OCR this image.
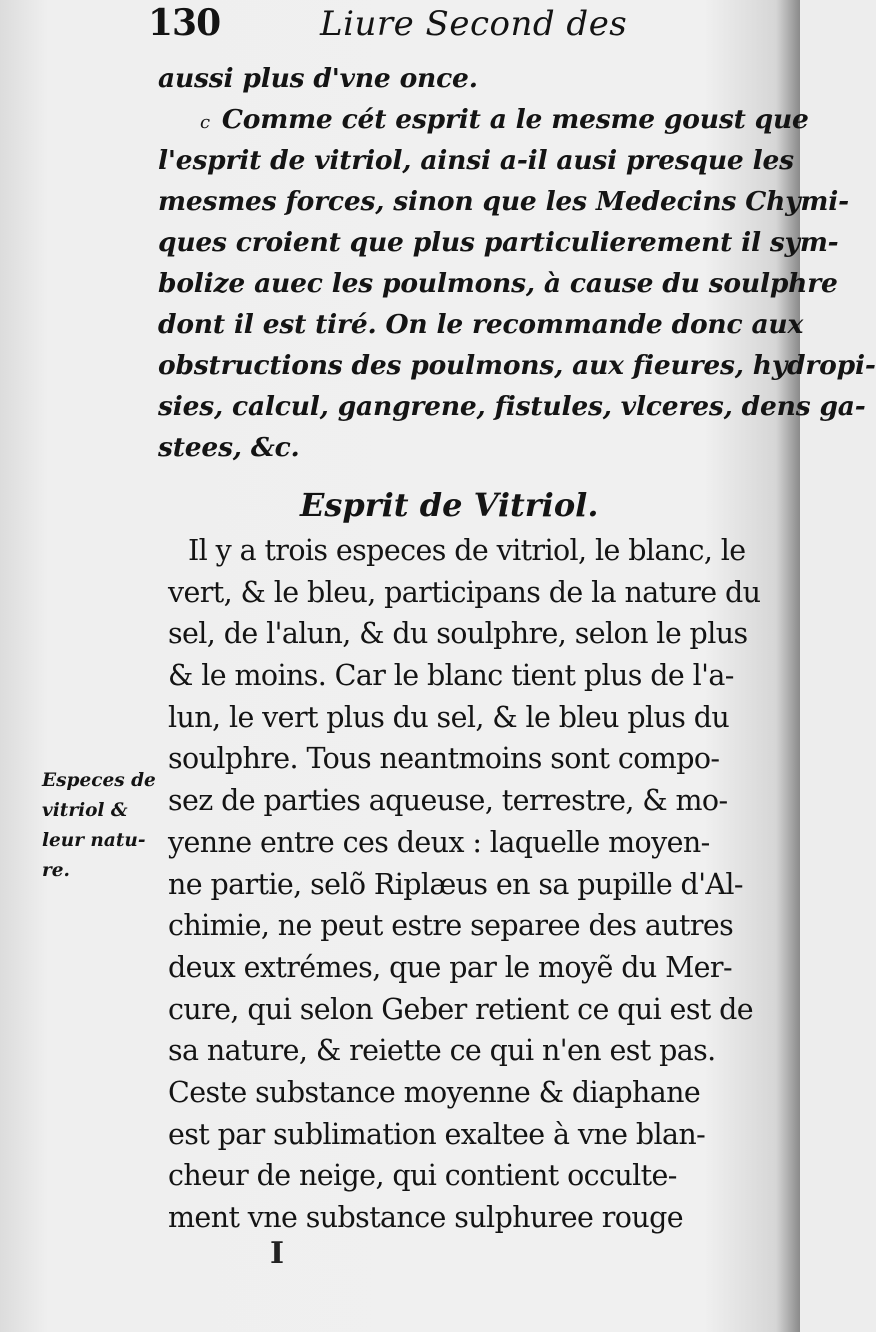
130	Liure Second des
aussi plus d'vne once.
c Comme cét esprit a le mesme goust que
l'esprit de vitriol, ainsi a-il ausi presque les
mesmes forces, sinon que les Medecins Chymi-
ques croient que plus particulierement il sym-
bolize auec les poulmons, à cause du soulphre
dont il est tiré. On le recommande donc aux
obstructions des poulmons, aux fieures, hydropi-
sies, calcul, gangrene, fistules, vlceres, dens ga-
stees, &c.
Esprit de Vitriol.
Il y a trois especes de vitriol, le blanc, le
vert, & le bleu, participans de la nature du
sel, de l'alun, & du soulphre, selon le plus
& le moins. Car le blanc tient plus de l'a-
lun, le vert plus du sel, & le bleu plus du
soulphre. Tous neantmoins sont compo-
sez de parties aqueuse, terrestre, & mo-
yenne entre ces deux : laquelle moyen-
ne partie, selõ Riplæus en sa pupille d'Al-
chimie, ne peut estre separee des autres
deux extrémes, que par le moyẽ du Mer-
cure, qui selon Geber retient ce qui est de
sa nature, & reiette ce qui n'en est pas.
Ceste substance moyenne & diaphane
est par sublimation exaltee à vne blan-
cheur de neige, qui contient occulte-
ment vne substance sulphuree rouge
Especes de
vitriol &
leur natu-
re.
I
